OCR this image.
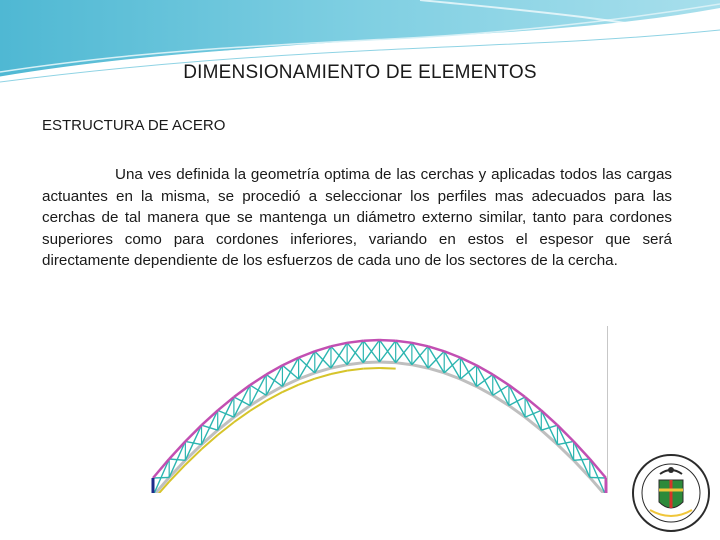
DIMENSIONAMIENTO DE ELEMENTOS
ESTRUCTURA DE ACERO

Una ves definida la geometría optima de las cerchas y aplicadas todos las cargas actuantes en la misma, se procedió a seleccionar los perfiles mas adecuados para las cerchas de tal manera que se mantenga un diámetro externo similar, tanto para cordones superiores como para cordones inferiores, variando en estos el espesor que será directamente dependiente de los esfuerzos de cada uno de los sectores de la cercha.
